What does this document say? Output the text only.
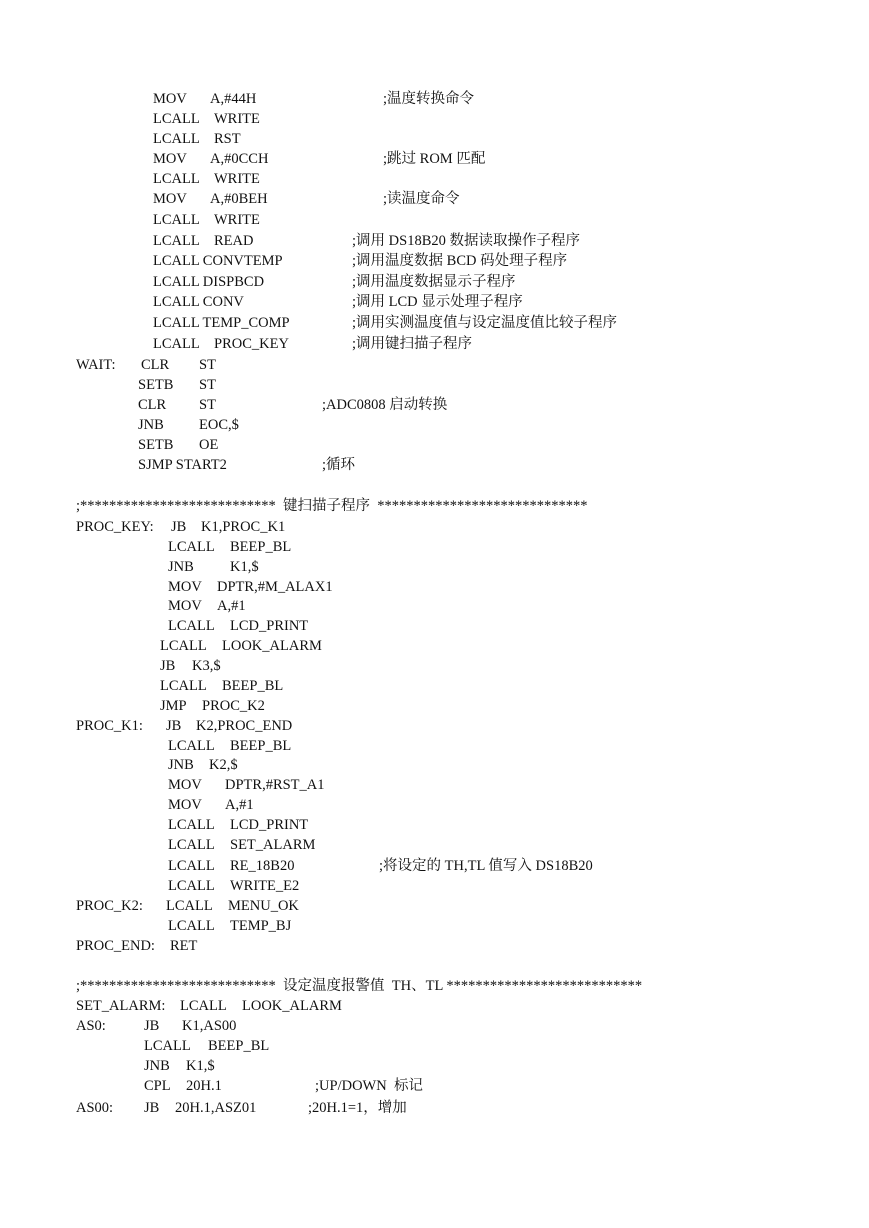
MOV A,#44H	;温度转换命令
LCALL WRITE
LCALL RST
MOV A,#0CCH	;跳过 ROM 匹配
LCALL WRITE
MOV A,#0BEH	;读温度命令
LCALL WRITE
LCALL READ	;调用 DS18B20 数据读取操作子程序
LCALL CONVTEMP	;调用温度数据 BCD 码处理子程序
LCALL DISPBCD	;调用温度数据显示子程序
LCALL CONV	;调用 LCD 显示处理子程序
LCALL TEMP_COMP	;调用实测温度值与设定温度值比较子程序
LCALL PROC_KEY	;调用键扫描子程序
WAIT: CLR ST
SETB ST
CLR ST	;ADC0808 启动转换
JNB EOC,$
SETB OE
SJMP START2	;循环
;***************************  键扫描子程序  *****************************
PROC_KEY: JB K1,PROC_K1
LCALL BEEP_BL
JNB K1,$
MOV DPTR,#M_ALAX1
MOV A,#1
LCALL LCD_PRINT
LCALL LOOK_ALARM
JB K3,$
LCALL BEEP_BL
JMP PROC_K2
PROC_K1: JB K2,PROC_END
LCALL BEEP_BL
JNB K2,$
MOV DPTR,#RST_A1
MOV A,#1
LCALL LCD_PRINT
LCALL SET_ALARM
LCALL RE_18B20	;将设定的 TH,TL 值写入 DS18B20
LCALL WRITE_E2
PROC_K2: LCALL MENU_OK
LCALL TEMP_BJ
PROC_END: RET
;***************************  设定温度报警值  TH、TL ***************************
SET_ALARM: LCALL LOOK_ALARM
AS0:	JB K1,AS00
LCALL BEEP_BL
JNB K1,$
CPL 20H.1	;UP/DOWN  标记
AS00: JB 20H.1,ASZ01	;20H.1=1，增加
